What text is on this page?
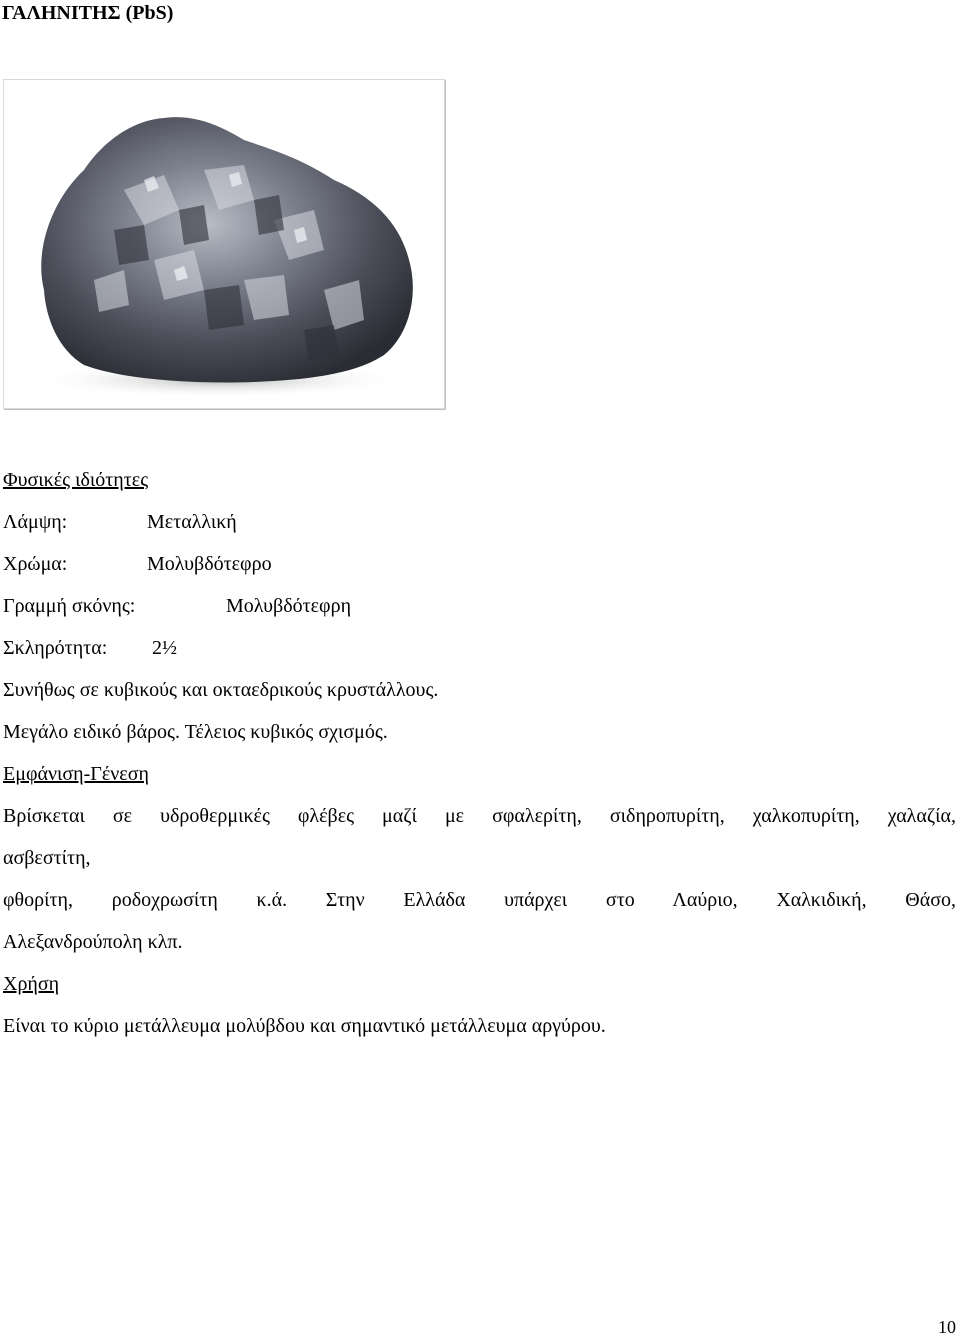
ΓΑΛΗΝΙΤΗΣ (PbS)
Φυσικές ιδιότητες
Λάμψη:	Μεταλλική
Χρώμα:	Μολυβδότεφρο
Γραμμή σκόνης:	Μολυβδότεφρη
Σκληρότητα: 2½
Συνήθως σε κυβικούς και οκταεδρικούς κρυστάλλους.
Μεγάλο ειδικό βάρος. Τέλειος κυβικός σχισμός.
Εμφάνιση-Γένεση
Βρίσκεται σε υδροθερμικές φλέβες μαζί με σφαλερίτη, σιδηροπυρίτη, χαλκοπυρίτη, χαλαζία,
ασβεστίτη,
φθορίτη, ροδοχρωσίτη κ.ά. Στην Ελλάδα υπάρχει στο Λαύριο, Χαλκιδική, Θάσο,
Αλεξανδρούπολη κλπ.
Χρήση
Είναι το κύριο μετάλλευμα μολύβδου και σημαντικό μετάλλευμα αργύρου.
10
